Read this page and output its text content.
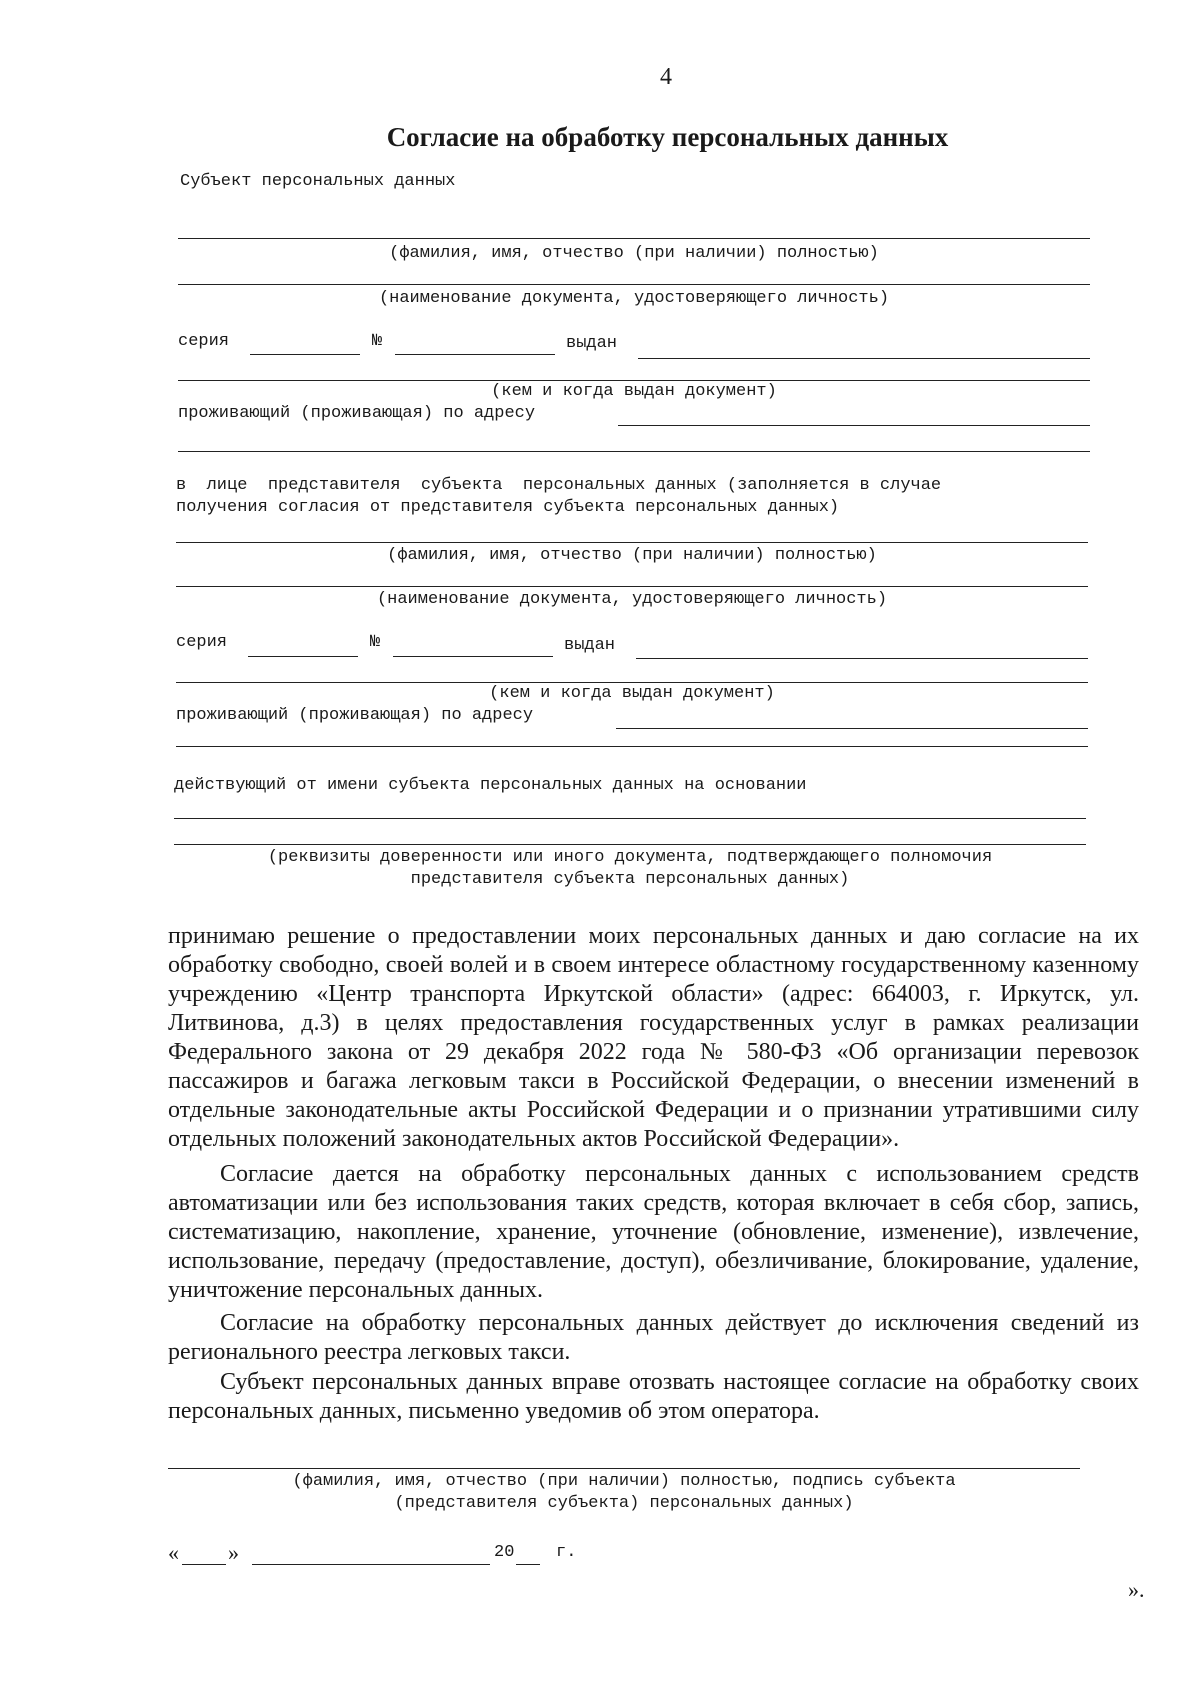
4
Согласие на обработку персональных данных
Субъект персональных данных
(фамилия, имя, отчество (при наличии) полностью)
(наименование документа, удостоверяющего личность)
серия	№	выдан
(кем и когда выдан документ)
проживающий (проживающая) по адресу
в  лице  представителя  субъекта  персональных данных (заполняется в случае
получения согласия от представителя субъекта персональных данных)
(фамилия, имя, отчество (при наличии) полностью)
(наименование документа, удостоверяющего личность)
серия	№	выдан
(кем и когда выдан документ)
проживающий (проживающая) по адресу
действующий от имени субъекта персональных данных на основании
(реквизиты доверенности или иного документа, подтверждающего полномочия
представителя субъекта персональных данных)

принимаю решение о предоставлении моих персональных данных и даю согласие на их обработку свободно, своей волей и в своем интересе областному государственному казенному учреждению «Центр транспорта Иркутской области» (адрес: 664003, г. Иркутск, ул. Литвинова, д.3) в целях предоставления государственных услуг в рамках реализации Федерального закона от 29 декабря 2022 года № 580-ФЗ «Об организации перевозок пассажиров и багажа легковым такси в Российской Федерации, о внесении изменений в отдельные законодательные акты Российской Федерации и о признании утратившими силу отдельных положений законодательных актов Российской Федерации».

Согласие дается на обработку персональных данных с использованием средств автоматизации или без использования таких средств, которая включает в себя сбор, запись, систематизацию, накопление, хранение, уточнение (обновление, изменение), извлечение, использование, передачу (предоставление, доступ), обезличивание, блокирование, удаление, уничтожение персональных данных.

Согласие на обработку персональных данных действует до исключения сведений из регионального реестра легковых такси.

Субъект персональных данных вправе отозвать настоящее согласие на обработку своих персональных данных, письменно уведомив об этом оператора.

(фамилия, имя, отчество (при наличии) полностью, подпись субъекта
(представителя субъекта) персональных данных)
« »	20 г.
».
